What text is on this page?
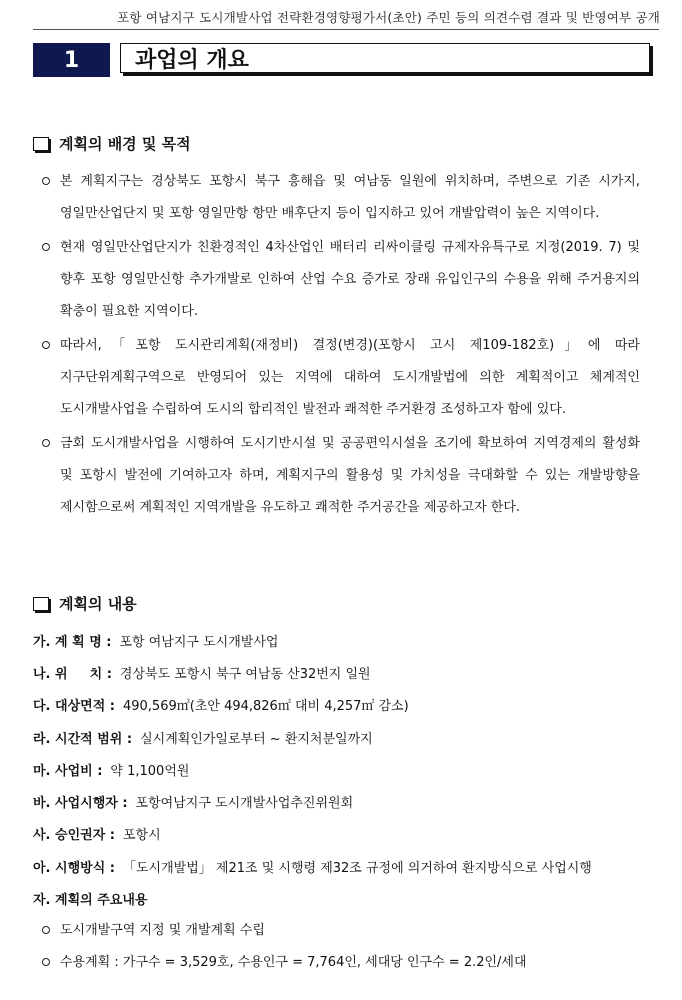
포항 여남지구 도시개발사업 전략환경영향평가서(초안) 주민 등의 의견수렴 결과 및 반영여부 공개
1	과업의 개요
계획의 배경 및 목적
본 계획지구는 경상북도 포항시 북구 흥해읍 및 여남동 일원에 위치하며, 주변으로 기존 시가지, 영일만산업단지 및 포항 영일만항 항만 배후단지 등이 입지하고 있어 개발압력이 높은 지역이다.
현재 영일만산업단지가 친환경적인 4차산업인 배터리 리싸이클링 규제자유특구로 지정(2019. 7) 및 향후 포항 영일만신항 추가개발로 인하여 산업 수요 증가로 장래 유입인구의 수용을 위해 주거용지의 확충이 필요한 지역이다.
따라서,「포항 도시관리계획(재정비) 결정(변경)(포항시 고시 제109-182호)」에 따라 지구단위계획구역으로 반영되어 있는 지역에 대하여 도시개발법에 의한 계획적이고 체계적인 도시개발사업을 수립하여 도시의 합리적인 발전과 쾌적한 주거환경 조성하고자 함에 있다.
금회 도시개발사업을 시행하여 도시기반시설 및 공공편익시설을 조기에 확보하여 지역경제의 활성화 및 포항시 발전에 기여하고자 하며, 계획지구의 활용성 및 가치성을 극대화할 수 있는 개발방향을 제시함으로써 계획적인 지역개발을 유도하고 쾌적한 주거공간을 제공하고자 한다.
계획의 내용
가. 계 획 명 : 포항 여남지구 도시개발사업
나. 위 　 치 : 경상북도 포항시 북구 여남동 산32번지 일원
다. 대상면적 : 490,569㎡(초안 494,826㎡ 대비 4,257㎡ 감소)
라. 시간적 범위 : 실시계획인가일로부터 ~ 환지처분일까지
마. 사업비 : 약 1,100억원
바. 사업시행자 : 포항여남지구 도시개발사업추진위원회
사. 승인권자 : 포항시
아. 시행방식 : 「도시개발법」 제21조 및 시행령 제32조 규정에 의거하여 환지방식으로 사업시행
자. 계획의 주요내용
도시개발구역 지정 및 개발계획 수립
수용계획 : 가구수 = 3,529호, 수용인구 = 7,764인, 세대당 인구수 = 2.2인/세대
